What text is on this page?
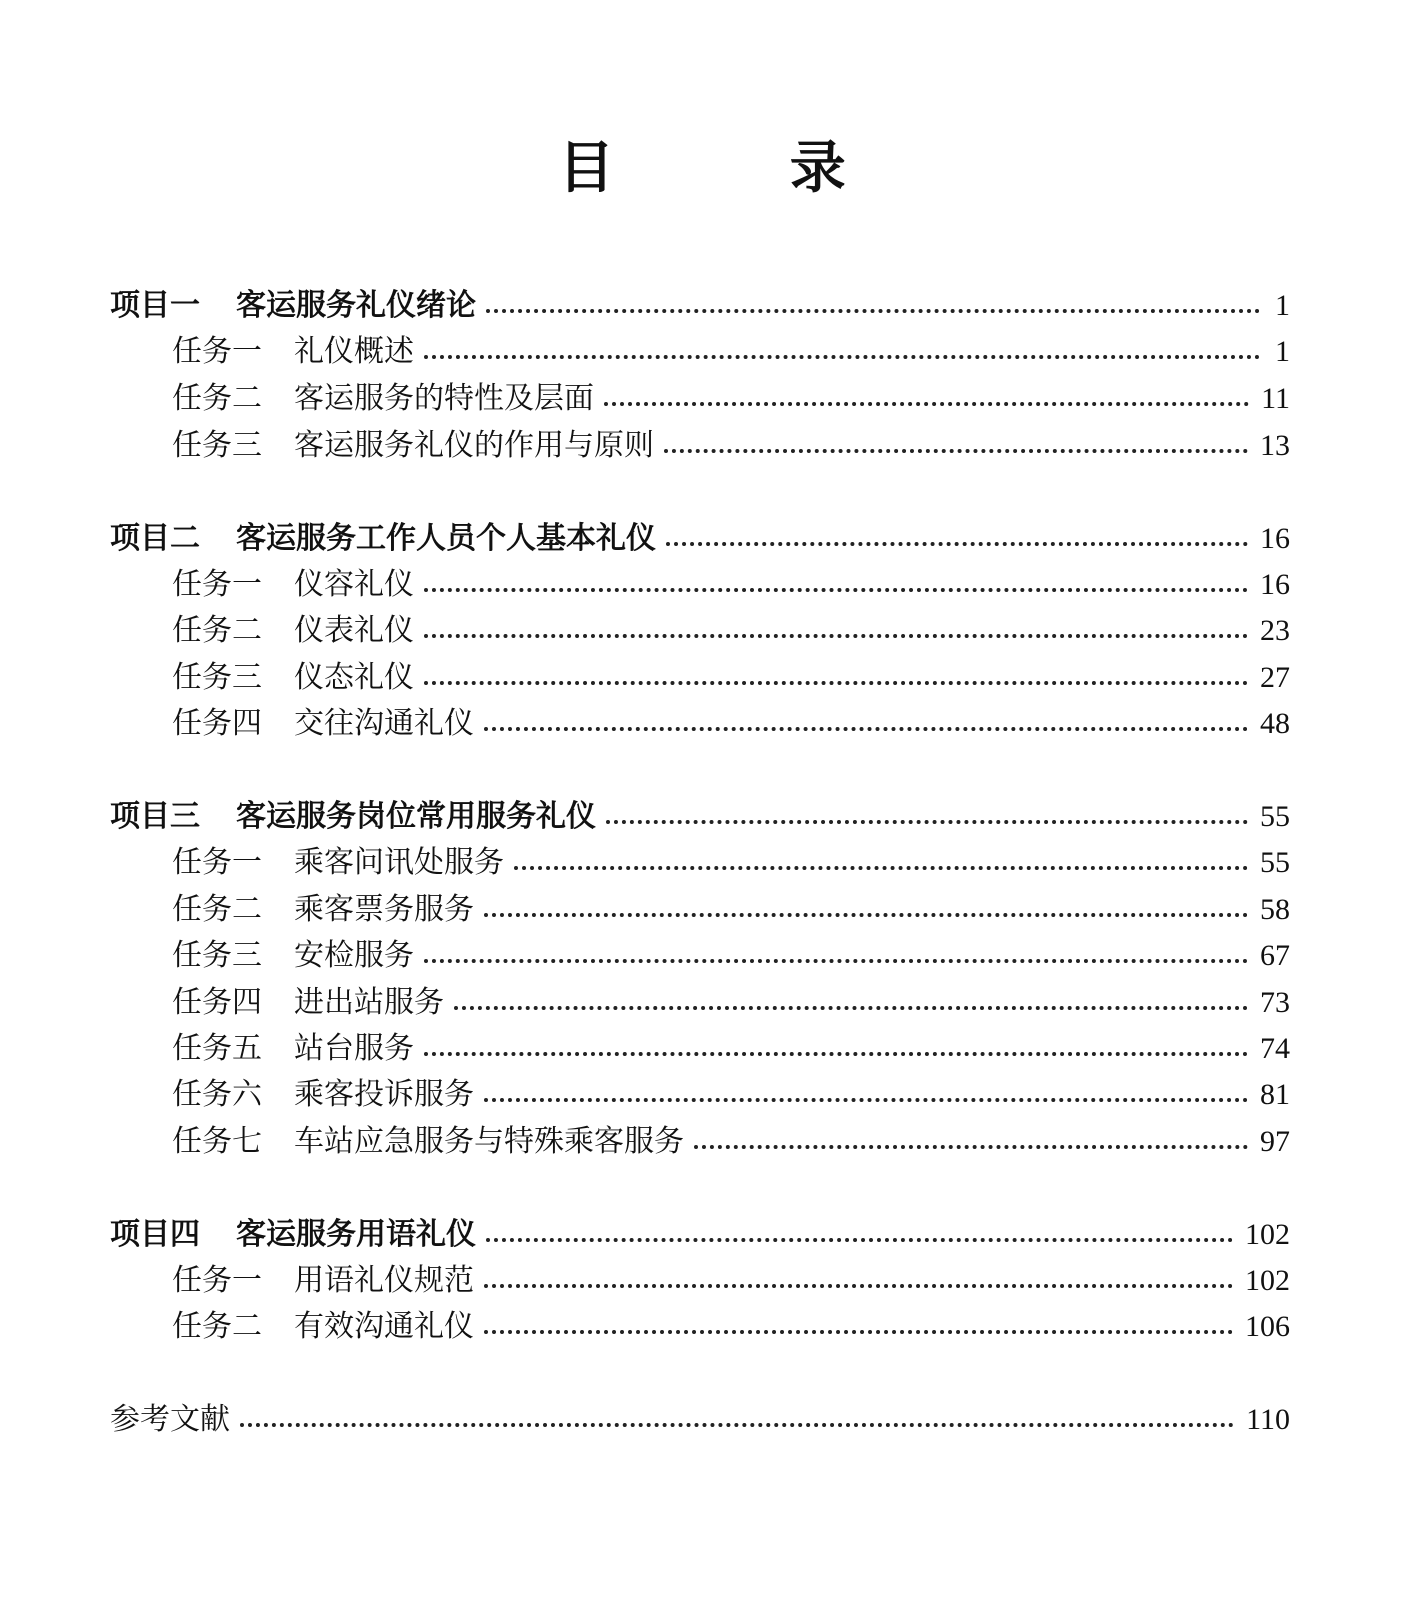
目 录
项目一 客运服务礼仪绪论	1
任务一 礼仪概述	1
任务二 客运服务的特性及层面	11
任务三 客运服务礼仪的作用与原则	13
项目二 客运服务工作人员个人基本礼仪	16
任务一 仪容礼仪	16
任务二 仪表礼仪	23
任务三 仪态礼仪	27
任务四 交往沟通礼仪	48
项目三 客运服务岗位常用服务礼仪	55
任务一 乘客问讯处服务	55
任务二 乘客票务服务	58
任务三 安检服务	67
任务四 进出站服务	73
任务五 站台服务	74
任务六 乘客投诉服务	81
任务七 车站应急服务与特殊乘客服务	97
项目四 客运服务用语礼仪	102
任务一 用语礼仪规范	102
任务二 有效沟通礼仪	106
参考文献	110
